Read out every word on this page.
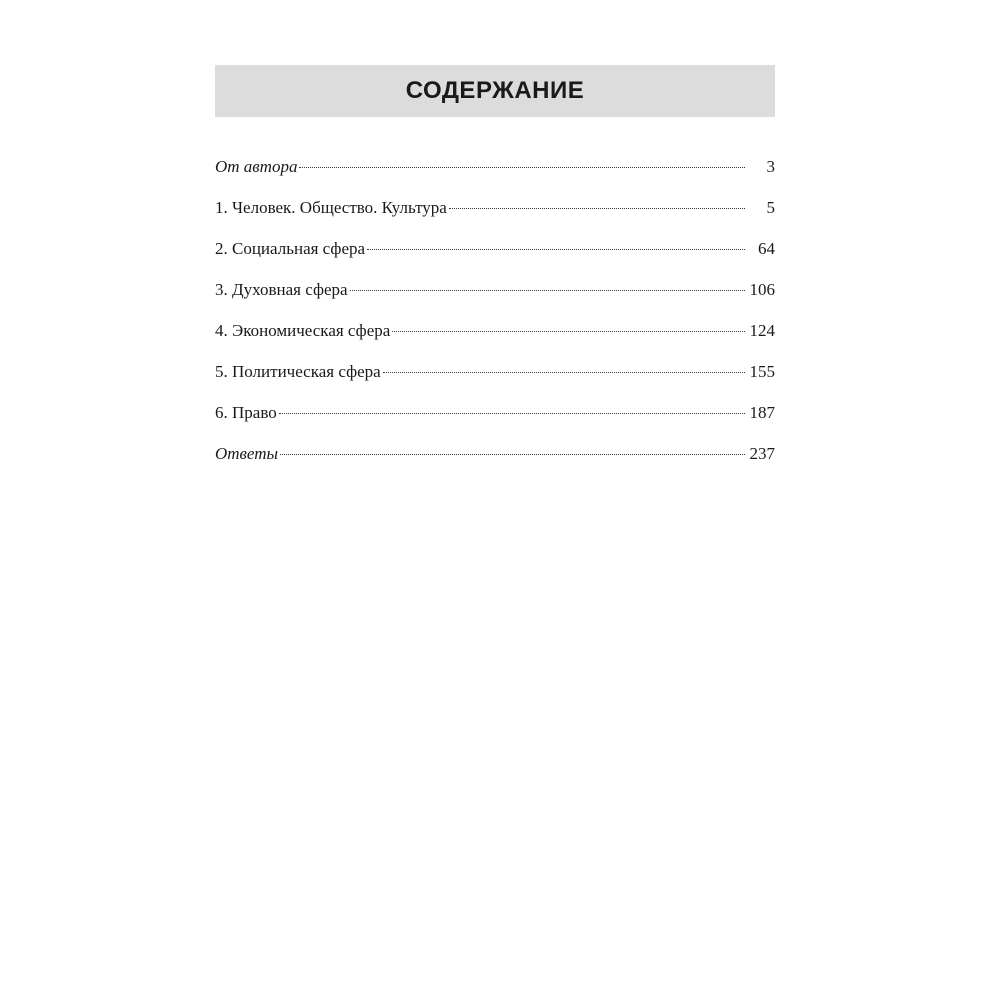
СОДЕРЖАНИЕ
От автора	3
1. Человек. Общество. Культура	5
2. Социальная сфера	64
3. Духовная сфера	106
4. Экономическая сфера	124
5. Политическая сфера	155
6. Право	187
Ответы	237
